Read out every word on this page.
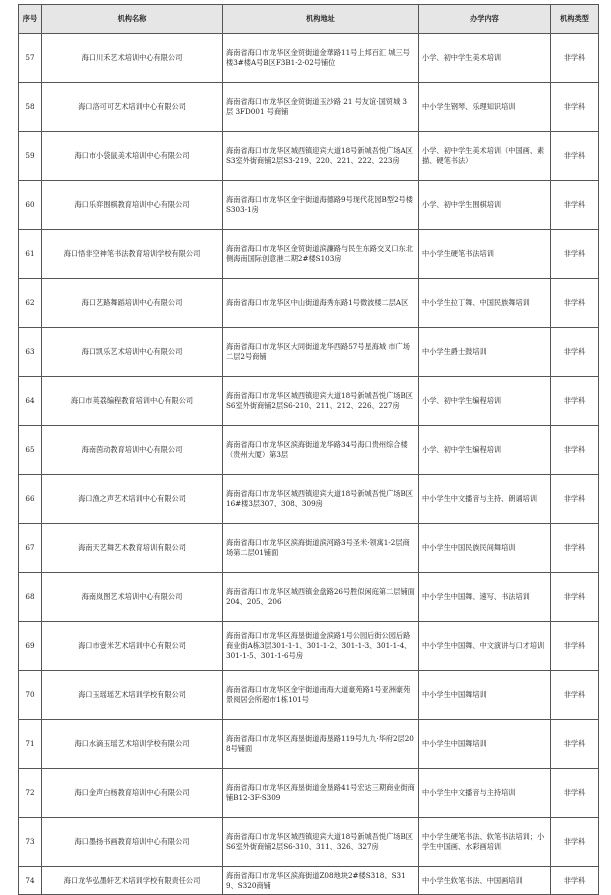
序号	机构名称	机构地址	办学内容	机构类型
57	海口川禾艺术培训中心有限公司	海南省海口市龙华区金贸街道金華路11号上邦百汇 城三号楼3#楼A号B区F3B1-2-02号铺位	小学、初中学生美术培训	非学科
58	海口洛可可艺术培训中心有限公司	海南省海口市龙华区金贸街道玉沙路 21 号友谊·国贸城 3 层 3FD001 号商铺	中小学生钢琴、乐理知识培训	非学科
59	海口市小袋鼠美术培训中心有限公司	海南省海口市龙华区城西镇迎宾大道18号新城吾悦广场A区S3室外街商铺2层S3-219、220、221、222、223房	小学、初中学生美术培训（中国画、素描、硬笔书法）	非学科
60	海口乐弈围棋教育培训中心有限公司	海南省海口市龙华区金宇街道海德路9号现代花园B型2号楼S303-1房	小学、初中学生围棋培训	非学科
61	海口悟非空神笔书法教育培训学校有限公司	海南省海口市龙华区金贸街道滨濂路与民生东路交叉口东北侧海南国际创意港二期2#楼S103房	中小学生硬笔书法培训	非学科
62	海口艺路舞蹈培训中心有限公司	海南省海口市龙华区中山街道海秀东路1号微波楼二层A区	中小学生拉丁舞、中国民族舞培训	非学科
63	海口凯乐艺术培训中心有限公司	海南省海口市龙华区大同街道龙华西路57号星海城 市广场二层2号商铺	中小学生爵士鼓培训	非学科
64	海口市英荔编程教育培训中心有限公司	海南省海口市龙华区城西镇迎宾大道18号新城吾悦广场B区S6室外街商铺2层S6-210、211、212、226、227房	小学、初中学生编程培训	非学科
65	海南茵动教育培训中心有限公司	海南省海口市龙华区滨海街道龙华路34号海口贵州综合楼（贵州大厦）第3层	小学、初中学生编程培训	非学科
66	海口渔之声艺术培训中心有限公司	海南省海口市龙华区城西镇迎宾大道18号新城吾悦广场B区16#楼3层307、308、309房	中小学生中文播音与主持、朗诵培训	非学科
67	海南天艺舞艺术教育培训有限公司	海南省海口市龙华区滨海街道滨河路3号圣米·领寓1-2层商场第二层01铺面	中小学生中国民族民间舞培训	非学科
68	海南岚图艺术培训中心有限公司	海南省海口市龙华区城西镇金盘路26号胜似闲庭第二层铺面204、205、206	中小学生中国舞、速写、书法培训	非学科
69	海口市壹米艺术培训中心有限公司	海南省海口市龙华区海垦街道金滨路1号公园后街公园后路商业街A栋3层301-1-1、301-1-2、301-1-3、301-1-4、301-1-5、301-1-6号房	中小学生中国舞、中文演讲与口才培训	非学科
70	海口玉瑶瑶艺术培训学校有限公司	海南省海口市龙华区金宇街道南海大道豪苑路1号亚洲豪苑景阅居会所超市1栋101号	中小学生中国舞培训	非学科
71	海口水滴玉瑶艺术培训学校有限公司	海南省海口市龙华区海垦街道海垦路119号九九·华府2层208号铺面	中小学生中国舞培训	非学科
72	海口金声白杨教育培训中心有限公司	海南省海口市龙华区海垦街道金垦路41号宏达三期商业街商铺B12-3F-S309	中小学生中文播音与主持培训	非学科
73	海口墨扬书画教育培训中心有限公司	海南省海口市龙华区城西镇迎宾大道18号新城吾悦广场B区S6室外街商铺2层S6-310、311、326、327房	中小学生硬笔书法、软笔书法培训；小学生中国画、水彩画培训	非学科
74	海口龙华弘墨轩艺术培训学校有限责任公司	海南省海口市龙华区滨海街道Z08地块2#楼S318、S319、S320商铺	中小学生软笔书法、中国画培训	非学科
